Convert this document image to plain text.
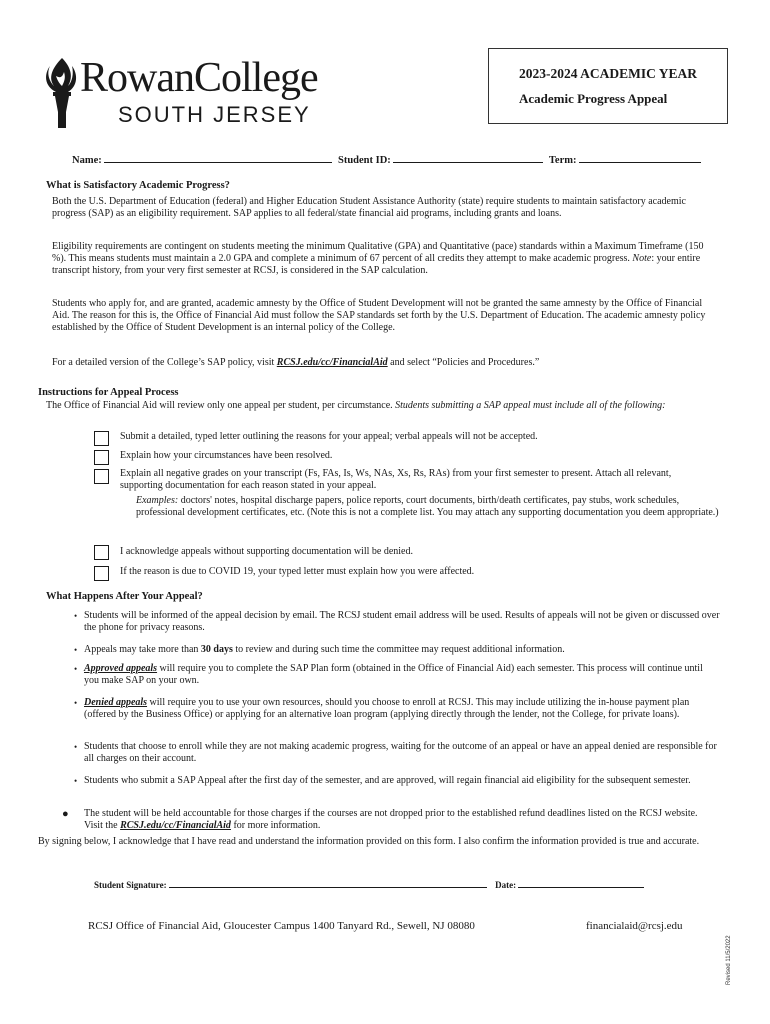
RowanCollege
SOUTH JERSEY
2023-2024 ACADEMIC YEAR
Academic Progress Appeal
Name:	Student ID:	Term:
What is Satisfactory Academic Progress?
Both the U.S. Department of Education (federal) and Higher Education Student Assistance Authority (state) require students to maintain satisfactory academic progress (SAP) as an eligibility requirement. SAP applies to all federal/state financial aid programs, including grants and loans.
Eligibility requirements are contingent on students meeting the minimum Qualitative (GPA) and Quantitative (pace) standards within a Maximum Timeframe (150 %). This means students must maintain a 2.0 GPA and complete a minimum of 67 percent of all credits they attempt to make academic progress. Note: your entire transcript history, from your very first semester at RCSJ, is considered in the SAP calculation.
Students who apply for, and are granted, academic amnesty by the Office of Student Development will not be granted the same amnesty by the Office of Financial Aid. The reason for this is, the Office of Financial Aid must follow the SAP standards set forth by the U.S. Department of Education. The academic amnesty policy established by the Office of Student Development is an internal policy of the College.
For a detailed version of the College’s SAP policy, visit RCSJ.edu/cc/FinancialAid and select “Policies and Procedures.”
Instructions for Appeal Process
The Office of Financial Aid will review only one appeal per student, per circumstance. Students submitting a SAP appeal must include all of the following:
Submit a detailed, typed letter outlining the reasons for your appeal; verbal appeals will not be accepted.
Explain how your circumstances have been resolved.
Explain all negative grades on your transcript (Fs, FAs, Is, Ws, NAs, Xs, Rs, RAs) from your first semester to present. Attach all relevant, supporting documentation for each reason stated in your appeal.
Examples: doctors' notes, hospital discharge papers, police reports, court documents, birth/death certificates, pay stubs, work schedules, professional development certificates, etc. (Note this is not a complete list. You may attach any supporting documentation you deem appropriate.)
I acknowledge appeals without supporting documentation will be denied.
If the reason is due to COVID 19, your typed letter must explain how you were affected.
What Happens After Your Appeal?
• Students will be informed of the appeal decision by email. The RCSJ student email address will be used. Results of appeals will not be given or discussed over the phone for privacy reasons.
• Appeals may take more than 30 days to review and during such time the committee may request additional information.
• Approved appeals will require you to complete the SAP Plan form (obtained in the Office of Financial Aid) each semester. This process will continue until you make SAP on your own.
• Denied appeals will require you to use your own resources, should you choose to enroll at RCSJ. This may include utilizing the in-house payment plan (offered by the Business Office) or applying for an alternative loan program (applying directly through the lender, not the College, for private loans).
• Students that choose to enroll while they are not making academic progress, waiting for the outcome of an appeal or have an appeal denied are responsible for all charges on their account.
• Students who submit a SAP Appeal after the first day of the semester, and are approved, will regain financial aid eligibility for the subsequent semester.
● The student will be held accountable for those charges if the courses are not dropped prior to the established refund deadlines listed on the RCSJ website. Visit the RCSJ.edu/cc/FinancialAid for more information.
By signing below, I acknowledge that I have read and understand the information provided on this form. I also confirm the information provided is true and accurate.
Student Signature:	Date:
RCSJ Office of Financial Aid, Gloucester Campus 1400 Tanyard Rd., Sewell, NJ 08080	financialaid@rcsj.edu
Revised 11/5/2022
